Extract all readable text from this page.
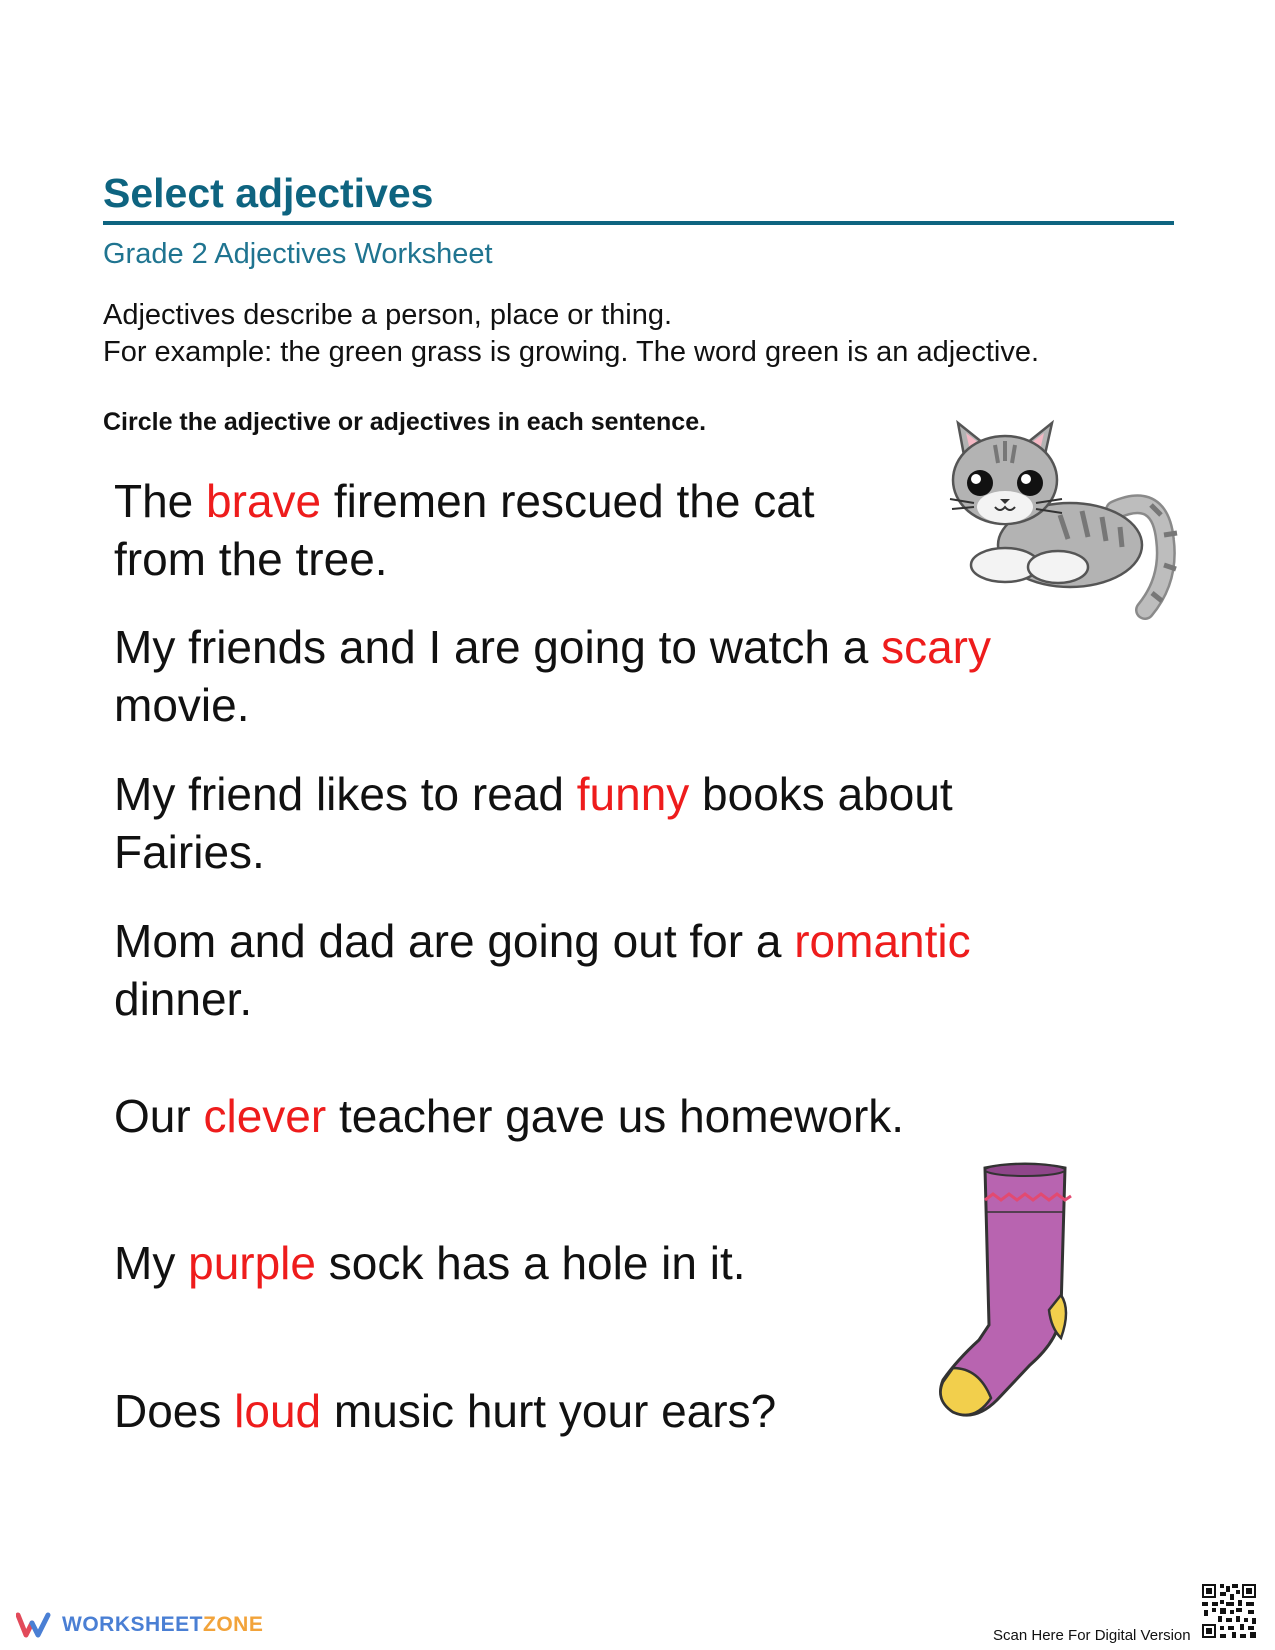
Select adjectives
Grade 2 Adjectives Worksheet
Adjectives describe a person, place or thing.
For example: the green grass is growing. The word green is an adjective.
Circle the adjective or adjectives in each sentence.
The brave firemen rescued the cat
from the tree.
My friends and I are going to watch a scary
movie.
My friend likes to read funny books about
Fairies.
Mom and dad are going out for a romantic
dinner.
Our clever teacher gave us homework.
My purple sock has a hole in it.
Does loud music hurt your ears?
WORKSHEETZONE	Scan Here For Digital Version
